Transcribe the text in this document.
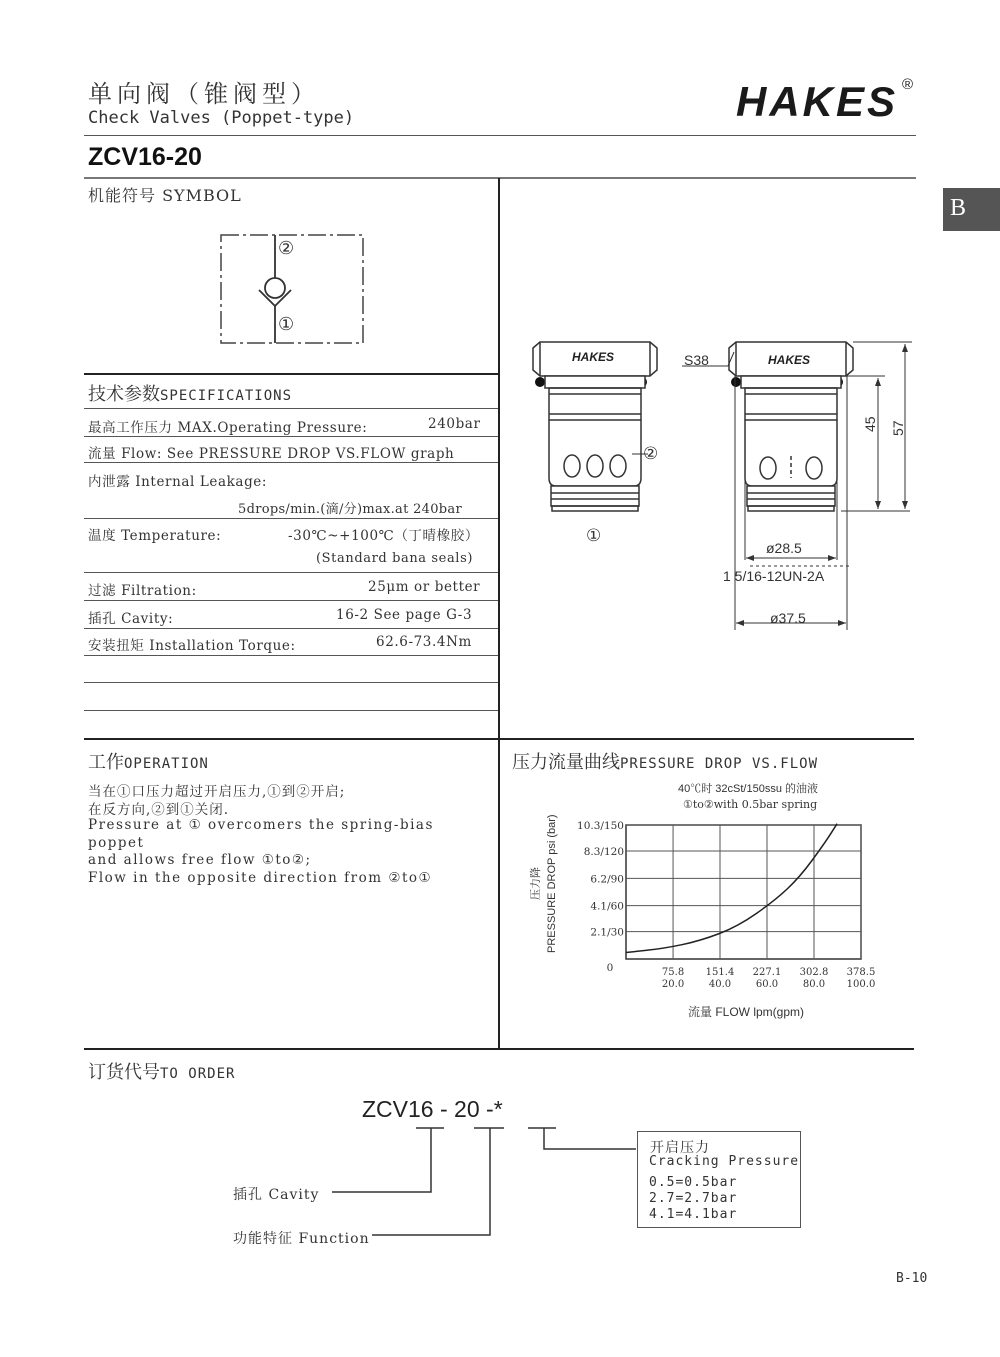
单向阀（锥阀型）
Check Valves (Poppet-type)	HAKES ®
ZCV16-20
B
机能符号 SYMBOL
②
①
技术参数SPECIFICATIONS
最高工作压力 MAX.Operating Pressure:	240bar
流量 Flow: See PRESSURE DROP VS.FLOW graph
内泄露 Internal Leakage:
5drops/min.(滴/分)max.at 240bar
温度 Temperature:	-30℃~+100℃（丁晴橡胶）
(Standard bana seals)
过滤 Filtration:	25μm or better
插孔 Cavity:	16-2 See page G-3
安装扭矩 Installation Torque:	62.6-73.4Nm
HAKES	HAKES
S38
②
①
45 57
ø28.5
1 5/16-12UN-2A
ø37.5
工作OPERATION
当在①口压力超过开启压力,①到②开启;
在反方向,②到①关闭.
Pressure at ① overcomers the spring-bias
poppet
and allows free flow ①to②;
Flow in the opposite direction from ②to①
压力流量曲线PRESSURE DROP VS.FLOW
40℃时 32cSt/150ssu 的油液
①to②with 0.5bar spring
压力降 PRESSURE DROP psi (bar)
流量 FLOW lpm(gpm)
2.1/30
4.1/60
6.2/90
8.3/120
10.3/150
0	75.8
20.0
151.4
40.0
227.1
60.0
302.8
80.0
378.5
100.0
订货代号TO ORDER
ZCV16 - 20 -*
插孔 Cavity
功能特征 Function
开启压力
Cracking Pressure
0.5=0.5bar
2.7=2.7bar
4.1=4.1bar
B-10
